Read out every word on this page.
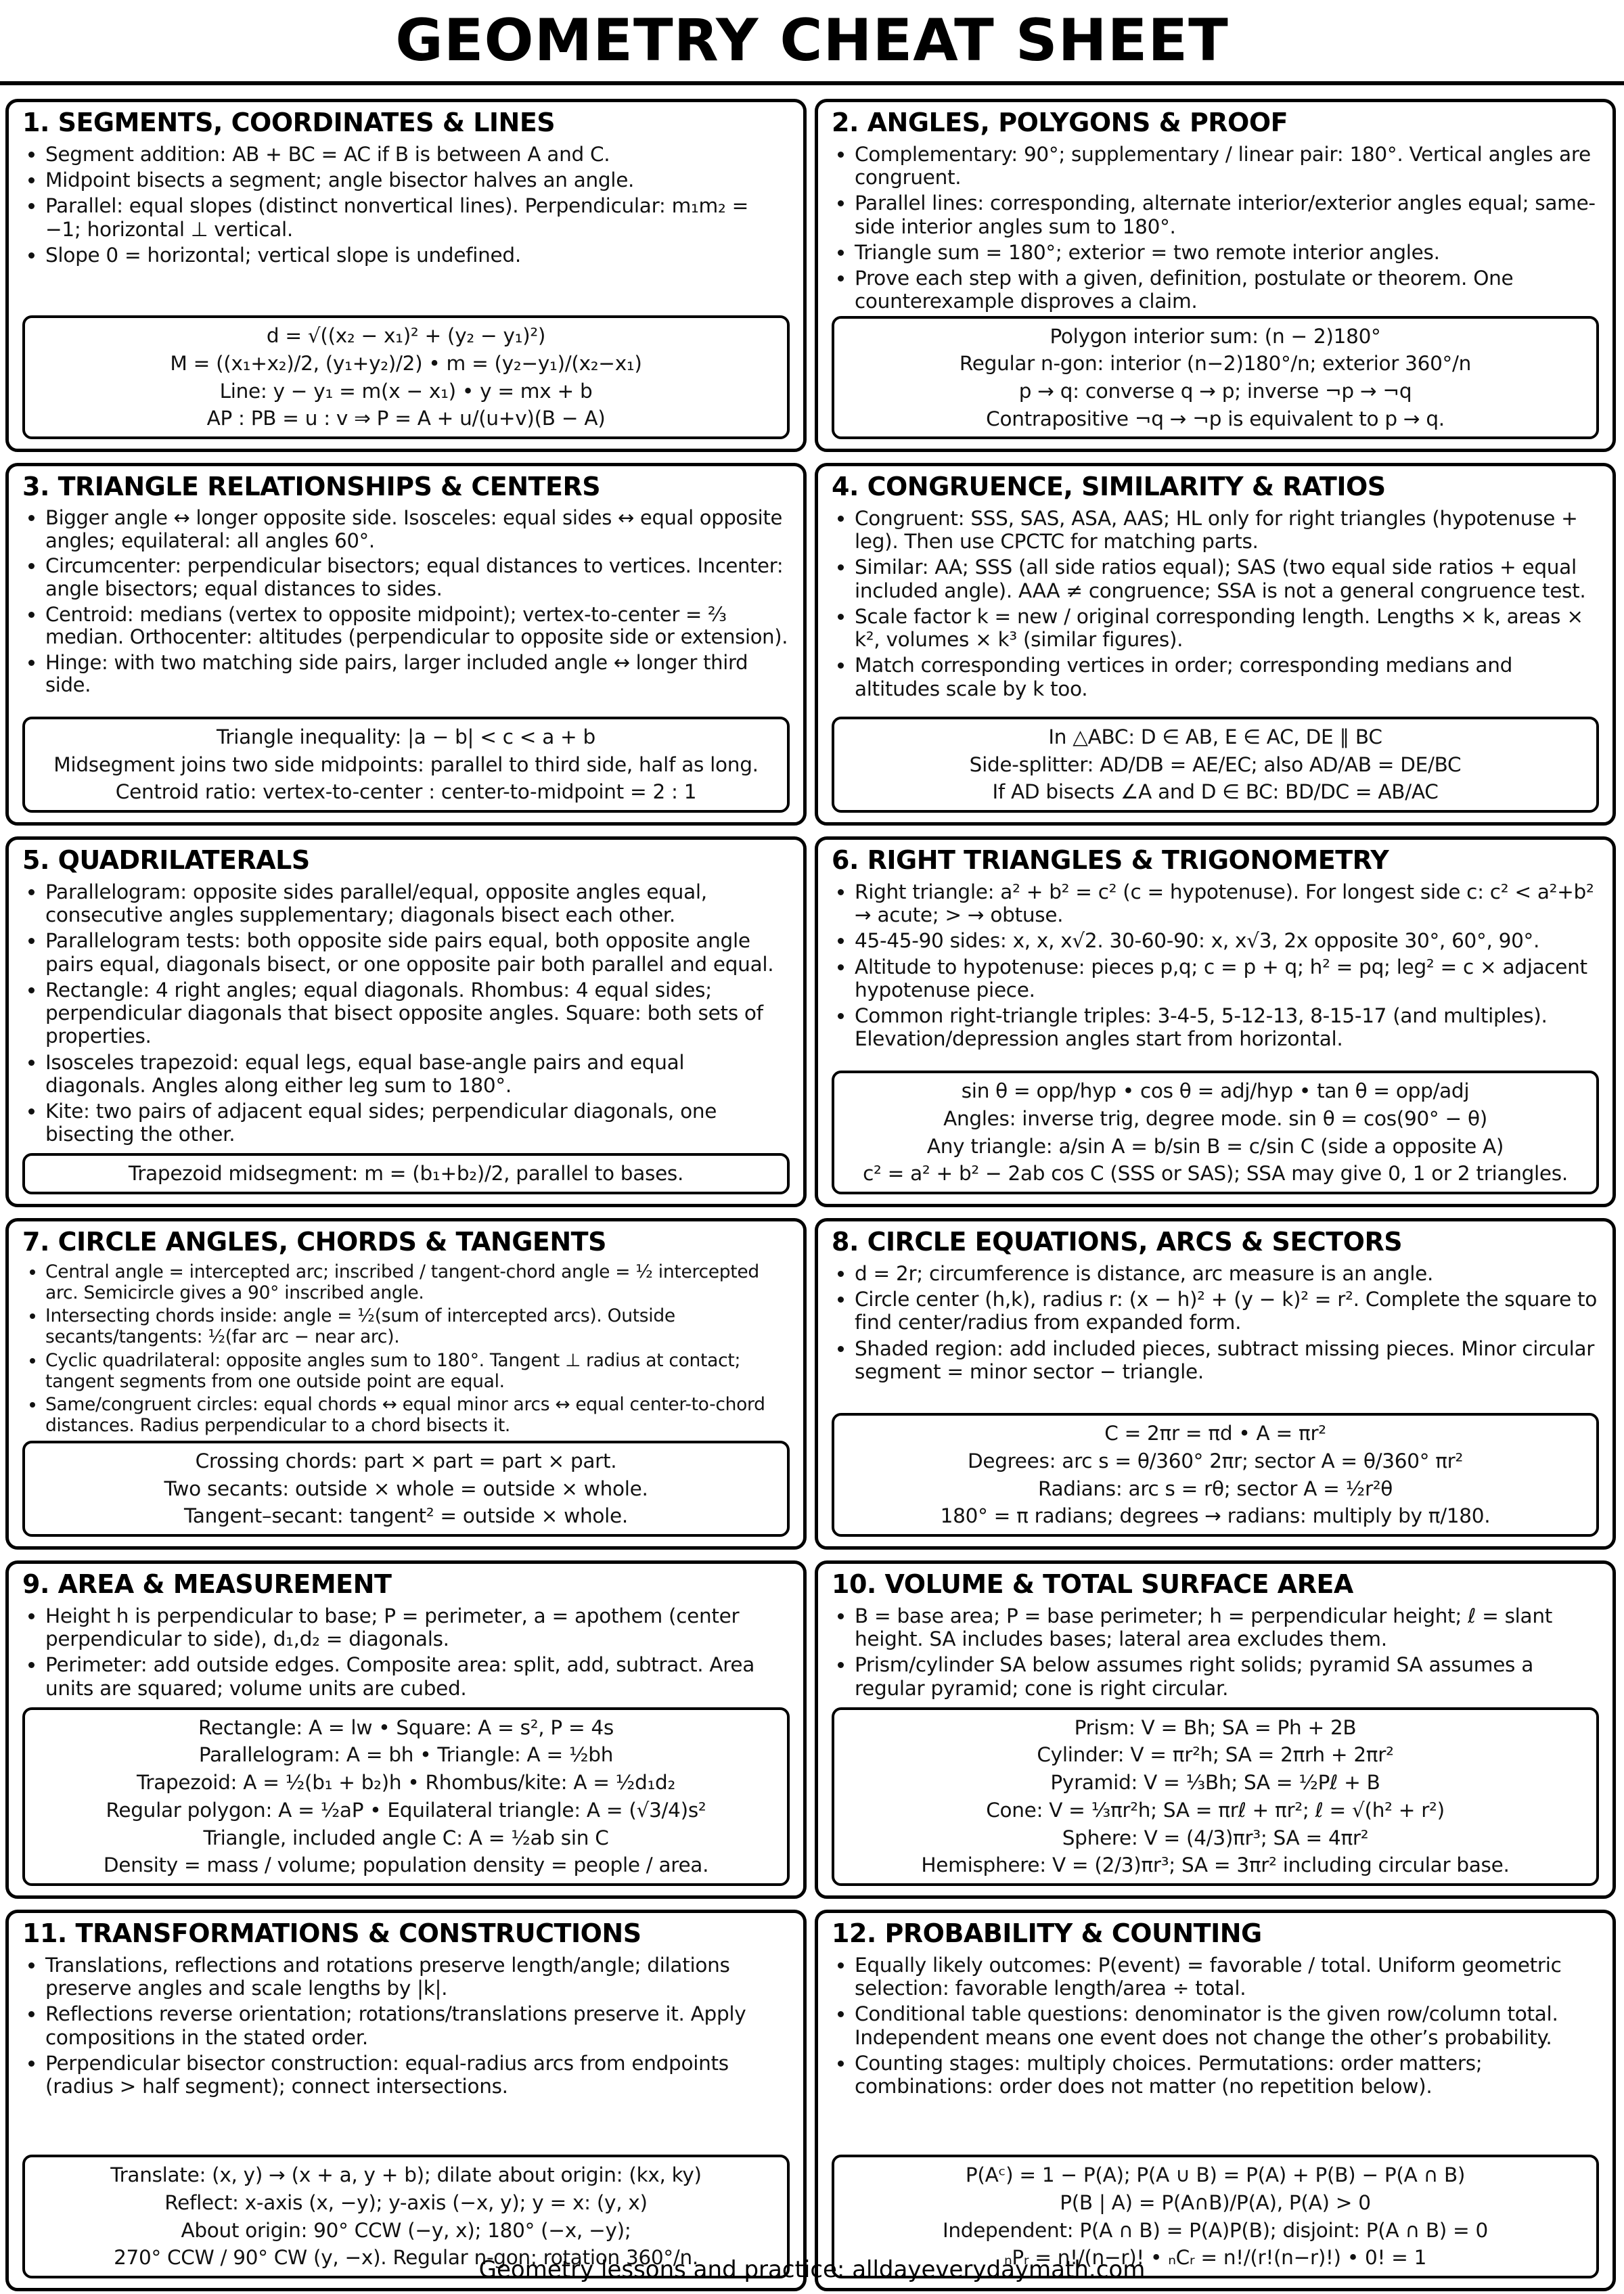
GEOMETRY CHEAT SHEET
1. SEGMENTS, COORDINATES & LINES
• Segment addition: AB + BC = AC if B is between A and C.
• Midpoint bisects a segment; angle bisector halves an angle.
• Parallel: equal slopes (distinct nonvertical lines). Perpendicular: m₁m₂ = −1; horizontal ⊥ vertical.
• Slope 0 = horizontal; vertical slope is undefined.
d = √((x₂ − x₁)² + (y₂ − y₁)²)
M = ((x₁+x₂)/2, (y₁+y₂)/2) • m = (y₂−y₁)/(x₂−x₁)
Line: y − y₁ = m(x − x₁) • y = mx + b
AP : PB = u : v ⇒ P = A + u/(u+v)(B − A)
2. ANGLES, POLYGONS & PROOF
• Complementary: 90°; supplementary / linear pair: 180°. Vertical angles are congruent.
• Parallel lines: corresponding, alternate interior/exterior angles equal; same-side interior angles sum to 180°.
• Triangle sum = 180°; exterior = two remote interior angles.
• Prove each step with a given, definition, postulate or theorem. One counterexample disproves a claim.
Polygon interior sum: (n − 2)180°
Regular n-gon: interior (n−2)180°/n; exterior 360°/n
p → q: converse q → p; inverse ¬p → ¬q
Contrapositive ¬q → ¬p is equivalent to p → q.
3. TRIANGLE RELATIONSHIPS & CENTERS
• Bigger angle ↔ longer opposite side. Isosceles: equal sides ↔ equal opposite angles; equilateral: all angles 60°.
• Circumcenter: perpendicular bisectors; equal distances to vertices. Incenter: angle bisectors; equal distances to sides.
• Centroid: medians (vertex to opposite midpoint); vertex-to-center = ⅔ median. Orthocenter: altitudes (perpendicular to opposite side or extension).
• Hinge: with two matching side pairs, larger included angle ↔ longer third side.
Triangle inequality: |a − b| < c < a + b
Midsegment joins two side midpoints: parallel to third side, half as long.
Centroid ratio: vertex-to-center : center-to-midpoint = 2 : 1
4. CONGRUENCE, SIMILARITY & RATIOS
• Congruent: SSS, SAS, ASA, AAS; HL only for right triangles (hypotenuse + leg). Then use CPCTC for matching parts.
• Similar: AA; SSS (all side ratios equal); SAS (two equal side ratios + equal included angle). AAA ≠ congruence; SSA is not a general congruence test.
• Scale factor k = new / original corresponding length. Lengths × k, areas × k², volumes × k³ (similar figures).
• Match corresponding vertices in order; corresponding medians and altitudes scale by k too.
In △ABC: D ∈ AB, E ∈ AC, DE ∥ BC
Side-splitter: AD/DB = AE/EC; also AD/AB = DE/BC
If AD bisects ∠A and D ∈ BC: BD/DC = AB/AC
5. QUADRILATERALS
• Parallelogram: opposite sides parallel/equal, opposite angles equal, consecutive angles supplementary; diagonals bisect each other.
• Parallelogram tests: both opposite side pairs equal, both opposite angle pairs equal, diagonals bisect, or one opposite pair both parallel and equal.
• Rectangle: 4 right angles; equal diagonals. Rhombus: 4 equal sides; perpendicular diagonals that bisect opposite angles. Square: both sets of properties.
• Isosceles trapezoid: equal legs, equal base-angle pairs and equal diagonals. Angles along either leg sum to 180°.
• Kite: two pairs of adjacent equal sides; perpendicular diagonals, one bisecting the other.
Trapezoid midsegment: m = (b₁+b₂)/2, parallel to bases.
6. RIGHT TRIANGLES & TRIGONOMETRY
• Right triangle: a² + b² = c² (c = hypotenuse). For longest side c: c² < a²+b² → acute; > → obtuse.
• 45-45-90 sides: x, x, x√2. 30-60-90: x, x√3, 2x opposite 30°, 60°, 90°.
• Altitude to hypotenuse: pieces p,q; c = p + q; h² = pq; leg² = c × adjacent hypotenuse piece.
• Common right-triangle triples: 3-4-5, 5-12-13, 8-15-17 (and multiples). Elevation/depression angles start from horizontal.
sin θ = opp/hyp • cos θ = adj/hyp • tan θ = opp/adj
Angles: inverse trig, degree mode. sin θ = cos(90° − θ)
Any triangle: a/sin A = b/sin B = c/sin C (side a opposite A)
c² = a² + b² − 2ab cos C (SSS or SAS); SSA may give 0, 1 or 2 triangles.
7. CIRCLE ANGLES, CHORDS & TANGENTS
• Central angle = intercepted arc; inscribed / tangent-chord angle = ½ intercepted arc. Semicircle gives a 90° inscribed angle.
• Intersecting chords inside: angle = ½(sum of intercepted arcs). Outside secants/tangents: ½(far arc − near arc).
• Cyclic quadrilateral: opposite angles sum to 180°. Tangent ⊥ radius at contact; tangent segments from one outside point are equal.
• Same/congruent circles: equal chords ↔ equal minor arcs ↔ equal center-to-chord distances. Radius perpendicular to a chord bisects it.
Crossing chords: part × part = part × part.
Two secants: outside × whole = outside × whole.
Tangent–secant: tangent² = outside × whole.
8. CIRCLE EQUATIONS, ARCS & SECTORS
• d = 2r; circumference is distance, arc measure is an angle.
• Circle center (h,k), radius r: (x − h)² + (y − k)² = r². Complete the square to find center/radius from expanded form.
• Shaded region: add included pieces, subtract missing pieces. Minor circular segment = minor sector − triangle.
C = 2πr = πd • A = πr²
Degrees: arc s = θ/360° 2πr; sector A = θ/360° πr²
Radians: arc s = rθ; sector A = ½r²θ
180° = π radians; degrees → radians: multiply by π/180.
9. AREA & MEASUREMENT
• Height h is perpendicular to base; P = perimeter, a = apothem (center perpendicular to side), d₁,d₂ = diagonals.
• Perimeter: add outside edges. Composite area: split, add, subtract. Area units are squared; volume units are cubed.
Rectangle: A = lw • Square: A = s², P = 4s
Parallelogram: A = bh • Triangle: A = ½bh
Trapezoid: A = ½(b₁ + b₂)h • Rhombus/kite: A = ½d₁d₂
Regular polygon: A = ½aP • Equilateral triangle: A = (√3/4)s²
Triangle, included angle C: A = ½ab sin C
Density = mass / volume; population density = people / area.
10. VOLUME & TOTAL SURFACE AREA
• B = base area; P = base perimeter; h = perpendicular height; ℓ = slant height. SA includes bases; lateral area excludes them.
• Prism/cylinder SA below assumes right solids; pyramid SA assumes a regular pyramid; cone is right circular.
Prism: V = Bh; SA = Ph + 2B
Cylinder: V = πr²h; SA = 2πrh + 2πr²
Pyramid: V = ⅓Bh; SA = ½Pℓ + B
Cone: V = ⅓πr²h; SA = πrℓ + πr²; ℓ = √(h² + r²)
Sphere: V = (4/3)πr³; SA = 4πr²
Hemisphere: V = (2/3)πr³; SA = 3πr² including circular base.
11. TRANSFORMATIONS & CONSTRUCTIONS
• Translations, reflections and rotations preserve length/angle; dilations preserve angles and scale lengths by |k|.
• Reflections reverse orientation; rotations/translations preserve it. Apply compositions in the stated order.
• Perpendicular bisector construction: equal-radius arcs from endpoints (radius > half segment); connect intersections.
Translate: (x, y) → (x + a, y + b); dilate about origin: (kx, ky)
Reflect: x-axis (x, −y); y-axis (−x, y); y = x: (y, x)
About origin: 90° CCW (−y, x); 180° (−x, −y);
270° CCW / 90° CW (y, −x). Regular n-gon: rotation 360°/n.
12. PROBABILITY & COUNTING
• Equally likely outcomes: P(event) = favorable / total. Uniform geometric selection: favorable length/area ÷ total.
• Conditional table questions: denominator is the given row/column total. Independent means one event does not change the other’s probability.
• Counting stages: multiply choices. Permutations: order matters; combinations: order does not matter (no repetition below).
P(Aᶜ) = 1 − P(A); P(A ∪ B) = P(A) + P(B) − P(A ∩ B)
P(B | A) = P(A∩B)/P(A), P(A) > 0
Independent: P(A ∩ B) = P(A)P(B); disjoint: P(A ∩ B) = 0
ₙPᵣ = n!/(n−r)! • ₙCᵣ = n!/(r!(n−r)!) • 0! = 1
Geometry lessons and practice: alldayeverydaymath.com
